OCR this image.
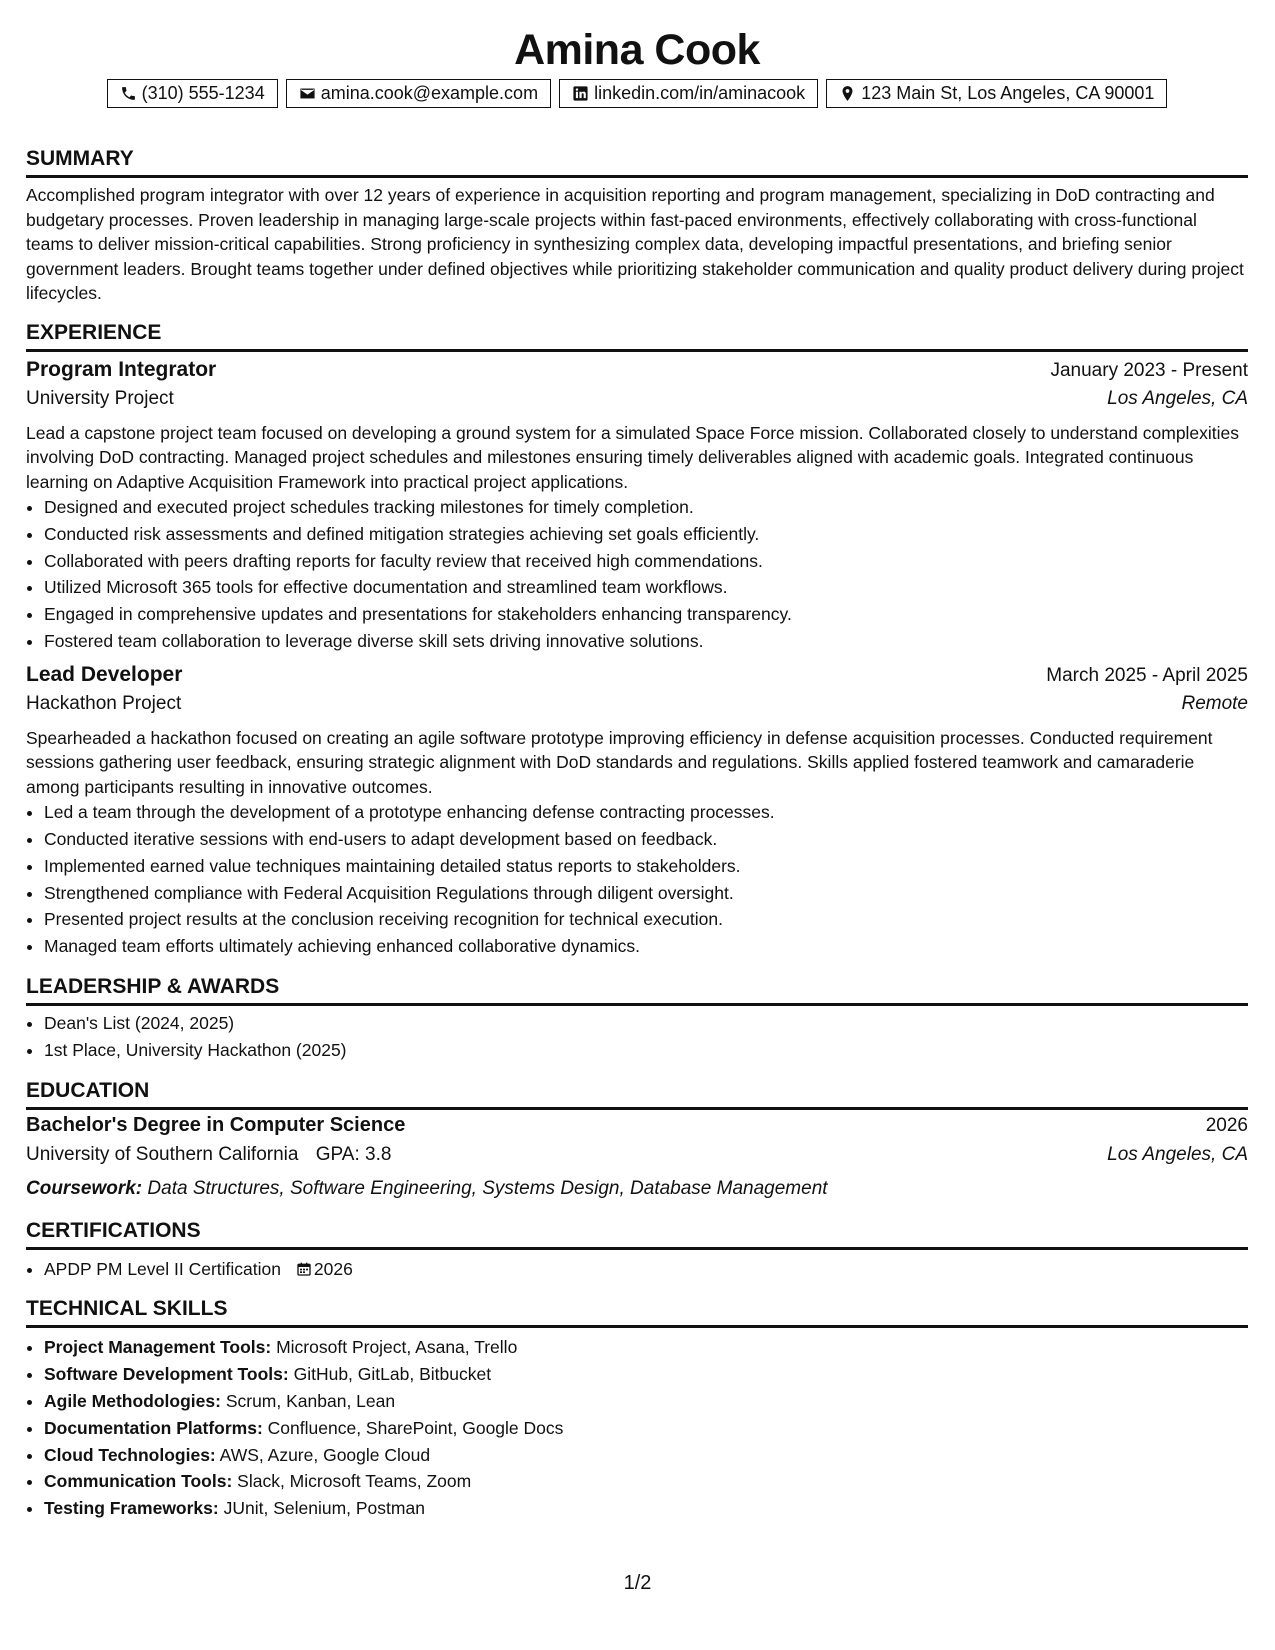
Amina Cook
(310) 555-1234	amina.cook@example.com	linkedin.com/in/aminacook	123 Main St, Los Angeles, CA 90001
SUMMARY

Accomplished program integrator with over 12 years of experience in acquisition reporting and program management, specializing in DoD contracting and budgetary processes. Proven leadership in managing large-scale projects within fast-paced environments, effectively collaborating with cross-functional teams to deliver mission-critical capabilities. Strong proficiency in synthesizing complex data, developing impactful presentations, and briefing senior government leaders. Brought teams together under defined objectives while prioritizing stakeholder communication and quality product delivery during project lifecycles.

EXPERIENCE
Program Integrator	January 2023 - Present
University Project	Los Angeles, CA

Lead a capstone project team focused on developing a ground system for a simulated Space Force mission. Collaborated closely to understand complexities involving DoD contracting. Managed project schedules and milestones ensuring timely deliverables aligned with academic goals. Integrated continuous learning on Adaptive Acquisition Framework into practical project applications.

• Designed and executed project schedules tracking milestones for timely completion.
• Conducted risk assessments and defined mitigation strategies achieving set goals efficiently.
• Collaborated with peers drafting reports for faculty review that received high commendations.
• Utilized Microsoft 365 tools for effective documentation and streamlined team workflows.
• Engaged in comprehensive updates and presentations for stakeholders enhancing transparency.
• Fostered team collaboration to leverage diverse skill sets driving innovative solutions.
Lead Developer	March 2025 - April 2025
Hackathon Project	Remote

Spearheaded a hackathon focused on creating an agile software prototype improving efficiency in defense acquisition processes. Conducted requirement sessions gathering user feedback, ensuring strategic alignment with DoD standards and regulations. Skills applied fostered teamwork and camaraderie among participants resulting in innovative outcomes.

• Led a team through the development of a prototype enhancing defense contracting processes.
• Conducted iterative sessions with end-users to adapt development based on feedback.
• Implemented earned value techniques maintaining detailed status reports to stakeholders.
• Strengthened compliance with Federal Acquisition Regulations through diligent oversight.
• Presented project results at the conclusion receiving recognition for technical execution.
• Managed team efforts ultimately achieving enhanced collaborative dynamics.
LEADERSHIP & AWARDS
• Dean's List (2024, 2025)
• 1st Place, University Hackathon (2025)
EDUCATION
Bachelor's Degree in Computer Science	2026
University of Southern California GPA: 3.8	Los Angeles, CA
Coursework: Data Structures, Software Engineering, Systems Design, Database Management
CERTIFICATIONS
• APDP PM Level II Certification 2026
TECHNICAL SKILLS
• Project Management Tools: Microsoft Project, Asana, Trello
• Software Development Tools: GitHub, GitLab, Bitbucket
• Agile Methodologies: Scrum, Kanban, Lean
• Documentation Platforms: Confluence, SharePoint, Google Docs
• Cloud Technologies: AWS, Azure, Google Cloud
• Communication Tools: Slack, Microsoft Teams, Zoom
• Testing Frameworks: JUnit, Selenium, Postman
1/2
